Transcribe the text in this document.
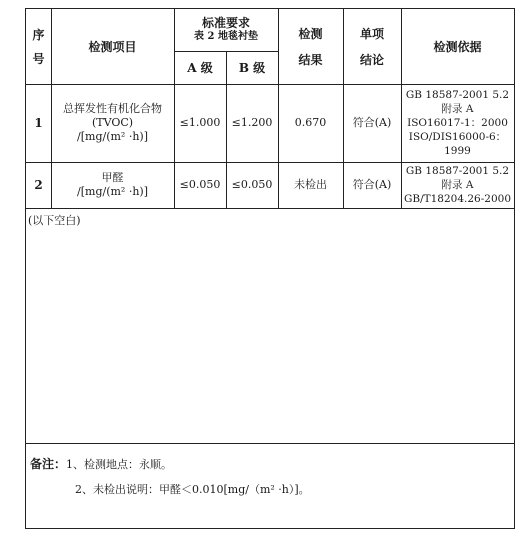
序
号
检测项目
标准要求
表 2 地毯衬垫
A 级 B 级
检测
结果
单项
结论
检测依据
1
总挥发性有机化合物
(TVOC)
/[mg/(m² ·h)]
≤1.000 ≤1.200 0.670 符合(A)
GB 18587-2001 5.2
附录 A
ISO16017-1：2000
ISO/DIS16000-6：
1999
2
甲醛
/[mg/(m² ·h)]
≤0.050 ≤0.050 未检出 符合(A)
GB 18587-2001 5.2
附录 A
GB/T18204.26-2000
(以下空白)
备注：1、检测地点：永顺。
2、未检出说明：甲醛＜0.010[mg/（m² ·h）]。
